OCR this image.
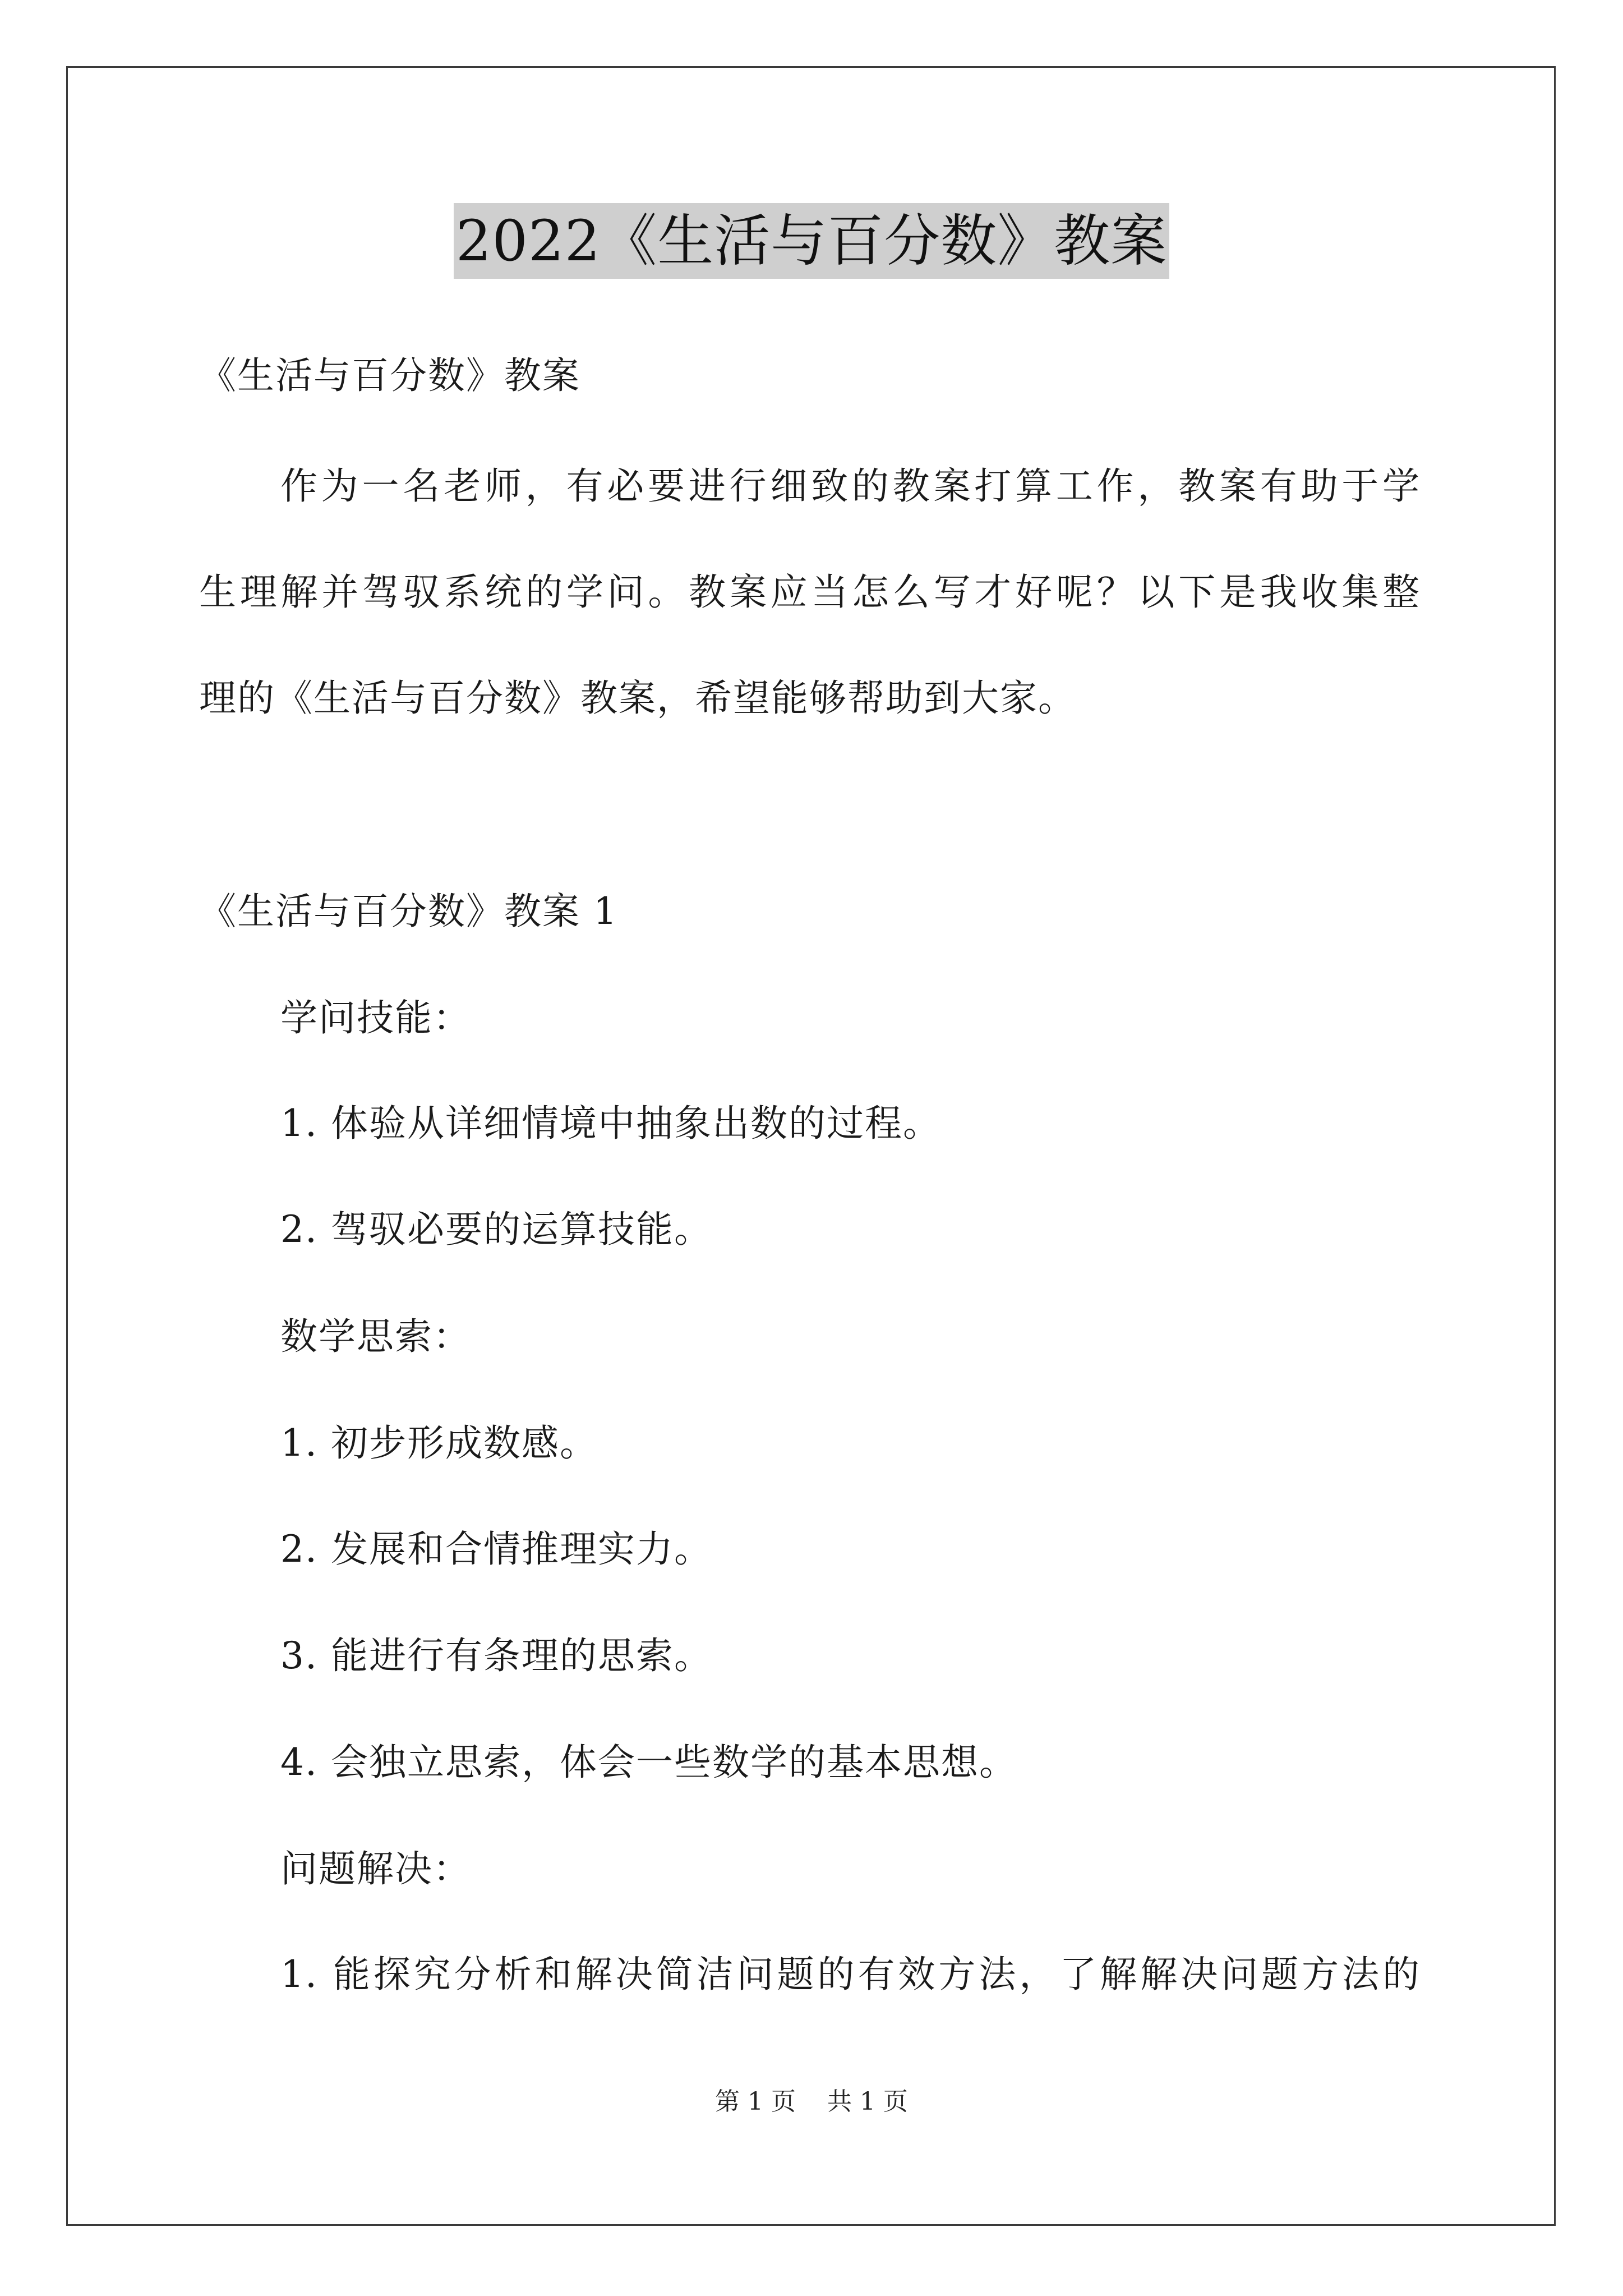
2022《生活与百分数》教案
《生活与百分数》教案
作为一名老师，有必要进行细致的教案打算工作，教案有助于学
生理解并驾驭系统的学问。教案应当怎么写才好呢？以下是我收集整
理的《生活与百分数》教案，希望能够帮助到大家。
《生活与百分数》教案 1
学问技能：
1. 体验从详细情境中抽象出数的过程。
2. 驾驭必要的运算技能。
数学思索：
1. 初步形成数感。
2. 发展和合情推理实力。
3. 能进行有条理的思索。
4. 会独立思索，体会一些数学的基本思想。
问题解决：
1. 能探究分析和解决简洁问题的有效方法，了解解决问题方法的
第 1 页 共 1 页
